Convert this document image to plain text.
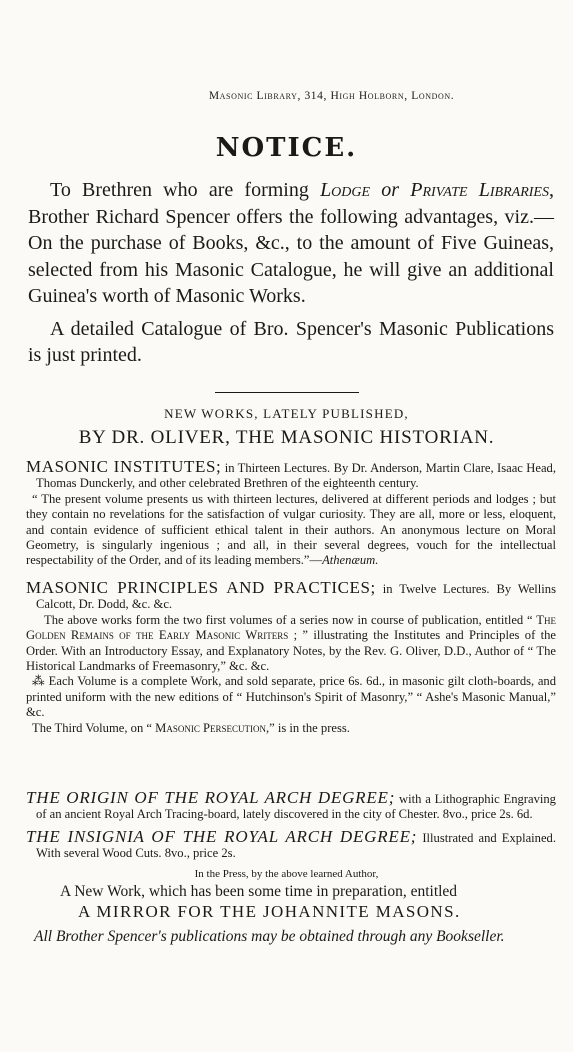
Masonic Library, 314, High Holborn, London.
NOTICE.

To Brethren who are forming Lodge or Private Libraries, Brother Richard Spencer offers the following advantages, viz.—On the purchase of Books, &c., to the amount of Five Guineas, selected from his Masonic Catalogue, he will give an additional Guinea's worth of Masonic Works.

A detailed Catalogue of Bro. Spencer's Masonic Publications is just printed.

NEW WORKS, LATELY PUBLISHED,
BY DR. OLIVER, THE MASONIC HISTORIAN.

MASONIC INSTITUTES; in Thirteen Lectures. By Dr. Anderson, Martin Clare, Isaac Head, Thomas Dunckerly, and other celebrated Brethren of the eighteenth century.

“ The present volume presents us with thirteen lectures, delivered at different periods and lodges ; but they contain no revelations for the satisfaction of vulgar curiosity. They are all, more or less, eloquent, and contain evidence of sufficient ethical talent in their authors. An anonymous lecture on Moral Geometry, is singularly ingenious ; and all, in their several degrees, vouch for the intellectual respectability of the Order, and of its leading members.”—Athenæum.

MASONIC PRINCIPLES AND PRACTICES; in Twelve Lectures. By Wellins Calcott, Dr. Dodd, &c. &c.

The above works form the two first volumes of a series now in course of publication, entitled “ The Golden Remains of the Early Masonic Writers ; ” illustrating the Institutes and Principles of the Order. With an Introductory Essay, and Explanatory Notes, by the Rev. G. Oliver, D.D., Author of “ The Historical Landmarks of Freemasonry,” &c. &c.

⁂ Each Volume is a complete Work, and sold separate, price 6s. 6d., in masonic gilt cloth-boards, and printed uniform with the new editions of “ Hutchinson's Spirit of Masonry,” “ Ashe's Masonic Manual,” &c.

The Third Volume, on “ Masonic Persecution,” is in the press.

THE ORIGIN OF THE ROYAL ARCH DEGREE; with a Lithographic Engraving of an ancient Royal Arch Tracing-board, lately discovered in the city of Chester. 8vo., price 2s. 6d.

THE INSIGNIA OF THE ROYAL ARCH DEGREE; Illustrated and Explained. With several Wood Cuts. 8vo., price 2s.

In the Press, by the above learned Author,
A New Work, which has been some time in preparation, entitled
A MIRROR FOR THE JOHANNITE MASONS.
All Brother Spencer's publications may be obtained through any Bookseller.
